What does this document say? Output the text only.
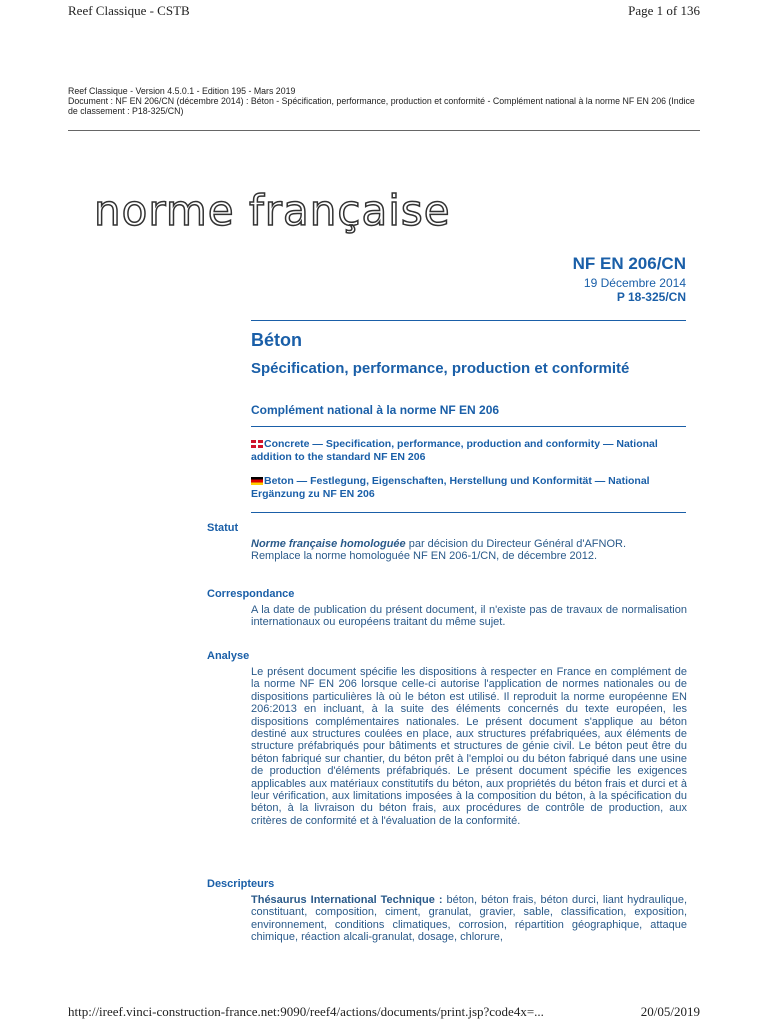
Reef Classique - CSTB	Page 1 of 136
Reef Classique - Version 4.5.0.1 - Edition 195 - Mars 2019
Document : NF EN 206/CN (décembre 2014) : Béton - Spécification, performance, production et conformité - Complément national à la norme NF EN 206 (Indice de classement : P18-325/CN)
norme française
NF EN 206/CN
19 Décembre 2014
P 18-325/CN
Béton
Spécification, performance, production et conformité
Complément national à la norme NF EN 206
Concrete — Specification, performance, production and conformity — National addition to the standard NF EN 206
Beton — Festlegung, Eigenschaften, Herstellung und Konformität — National Ergänzung zu NF EN 206
Statut
Norme française homologuée par décision du Directeur Général d'AFNOR.
Remplace la norme homologuée NF EN 206-1/CN, de décembre 2012.
Correspondance
A la date de publication du présent document, il n'existe pas de travaux de normalisation internationaux ou européens traitant du même sujet.
Analyse
Le présent document spécifie les dispositions à respecter en France en complément de la norme NF EN 206 lorsque celle-ci autorise l'application de normes nationales ou de dispositions particulières là où le béton est utilisé. Il reproduit la norme européenne EN 206:2013 en incluant, à la suite des éléments concernés du texte européen, les dispositions complémentaires nationales. Le présent document s'applique au béton destiné aux structures coulées en place, aux structures préfabriquées, aux éléments de structure préfabriqués pour bâtiments et structures de génie civil. Le béton peut être du béton fabriqué sur chantier, du béton prêt à l'emploi ou du béton fabriqué dans une usine de production d'éléments préfabriqués. Le présent document spécifie les exigences applicables aux matériaux constitutifs du béton, aux propriétés du béton frais et durci et à leur vérification, aux limitations imposées à la composition du béton, à la spécification du béton, à la livraison du béton frais, aux procédures de contrôle de production, aux critères de conformité et à l'évaluation de la conformité.
Descripteurs
Thésaurus International Technique : béton, béton frais, béton durci, liant hydraulique, constituant, composition, ciment, granulat, gravier, sable, classification, exposition, environnement, conditions climatiques, corrosion, répartition géographique, attaque chimique, réaction alcali-granulat, dosage, chlorure,
http://ireef.vinci-construction-france.net:9090/reef4/actions/documents/print.jsp?code4x=...	20/05/2019
